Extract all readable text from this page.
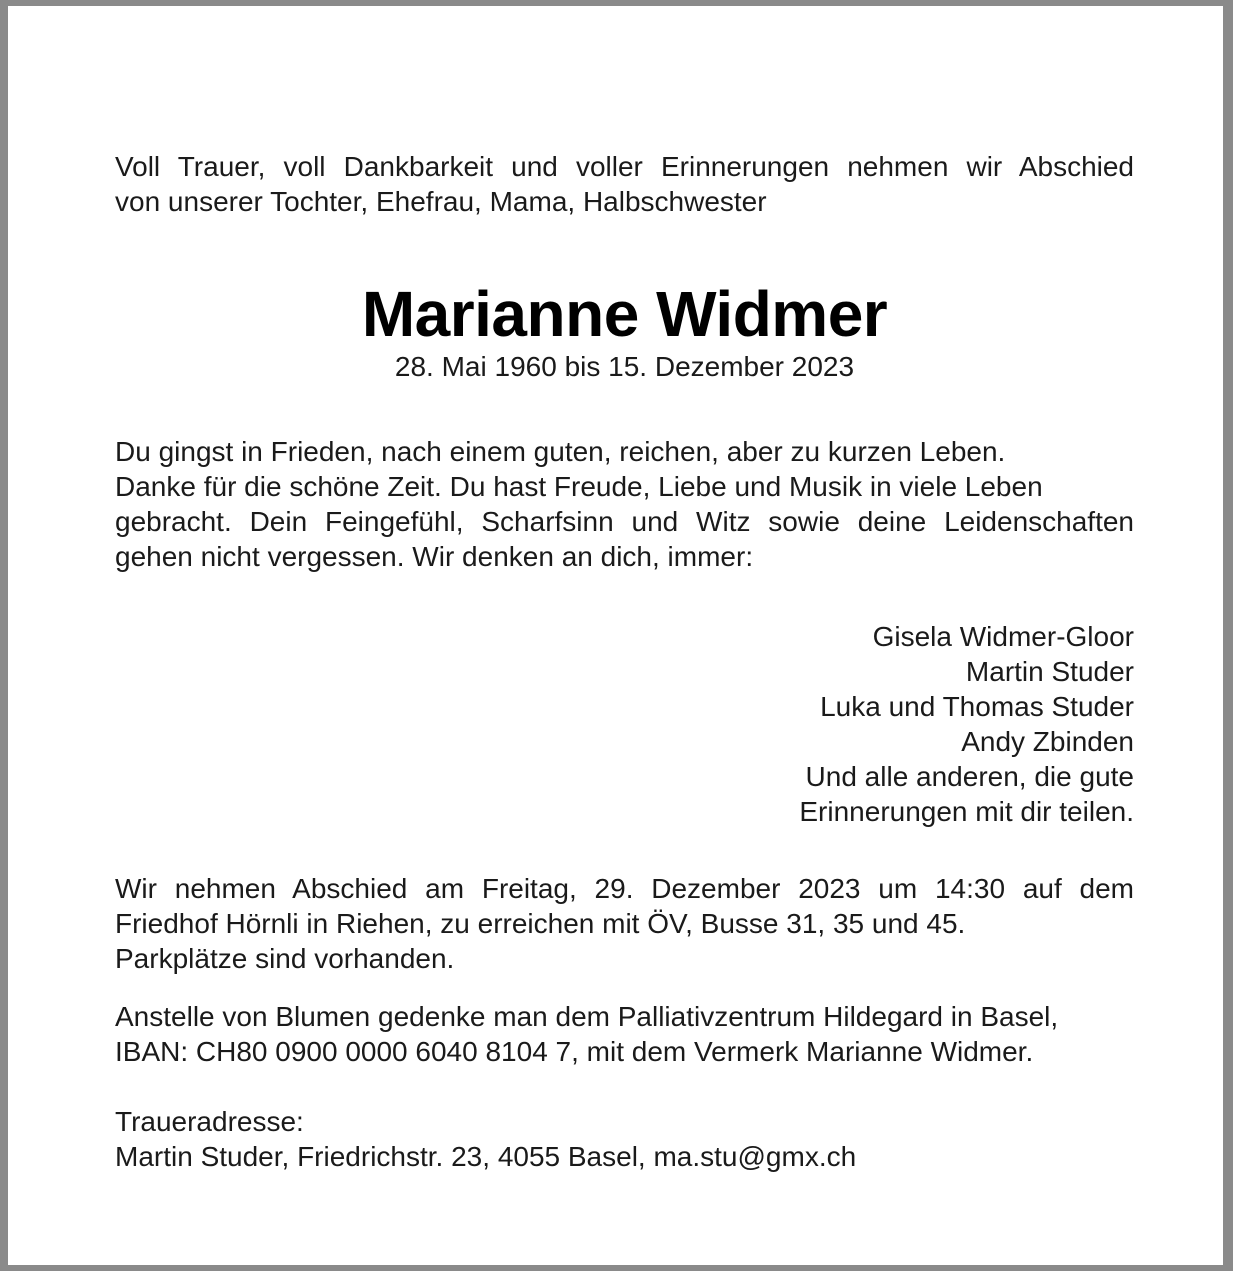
Voll Trauer, voll Dankbarkeit und voller Erinnerungen nehmen wir Abschied
von unserer Tochter, Ehefrau, Mama, Halbschwester
Marianne Widmer
28. Mai 1960 bis 15. Dezember 2023
Du gingst in Frieden, nach einem guten, reichen, aber zu kurzen Leben.
Danke für die schöne Zeit. Du hast Freude, Liebe und Musik in viele Leben
gebracht. Dein Feingefühl, Scharfsinn und Witz sowie deine Leidenschaften
gehen nicht vergessen. Wir denken an dich, immer:
Gisela Widmer-Gloor
Martin Studer
Luka und Thomas Studer
Andy Zbinden
Und alle anderen, die gute
Erinnerungen mit dir teilen.
Wir nehmen Abschied am Freitag, 29. Dezember 2023 um 14:30 auf dem
Friedhof Hörnli in Riehen, zu erreichen mit ÖV, Busse 31, 35 und 45.
Parkplätze sind vorhanden.
Anstelle von Blumen gedenke man dem Palliativzentrum Hildegard in Basel,
IBAN: CH80 0900 0000 6040 8104 7, mit dem Vermerk Marianne Widmer.
Traueradresse:
Martin Studer, Friedrichstr. 23, 4055 Basel, ma.stu@gmx.ch
